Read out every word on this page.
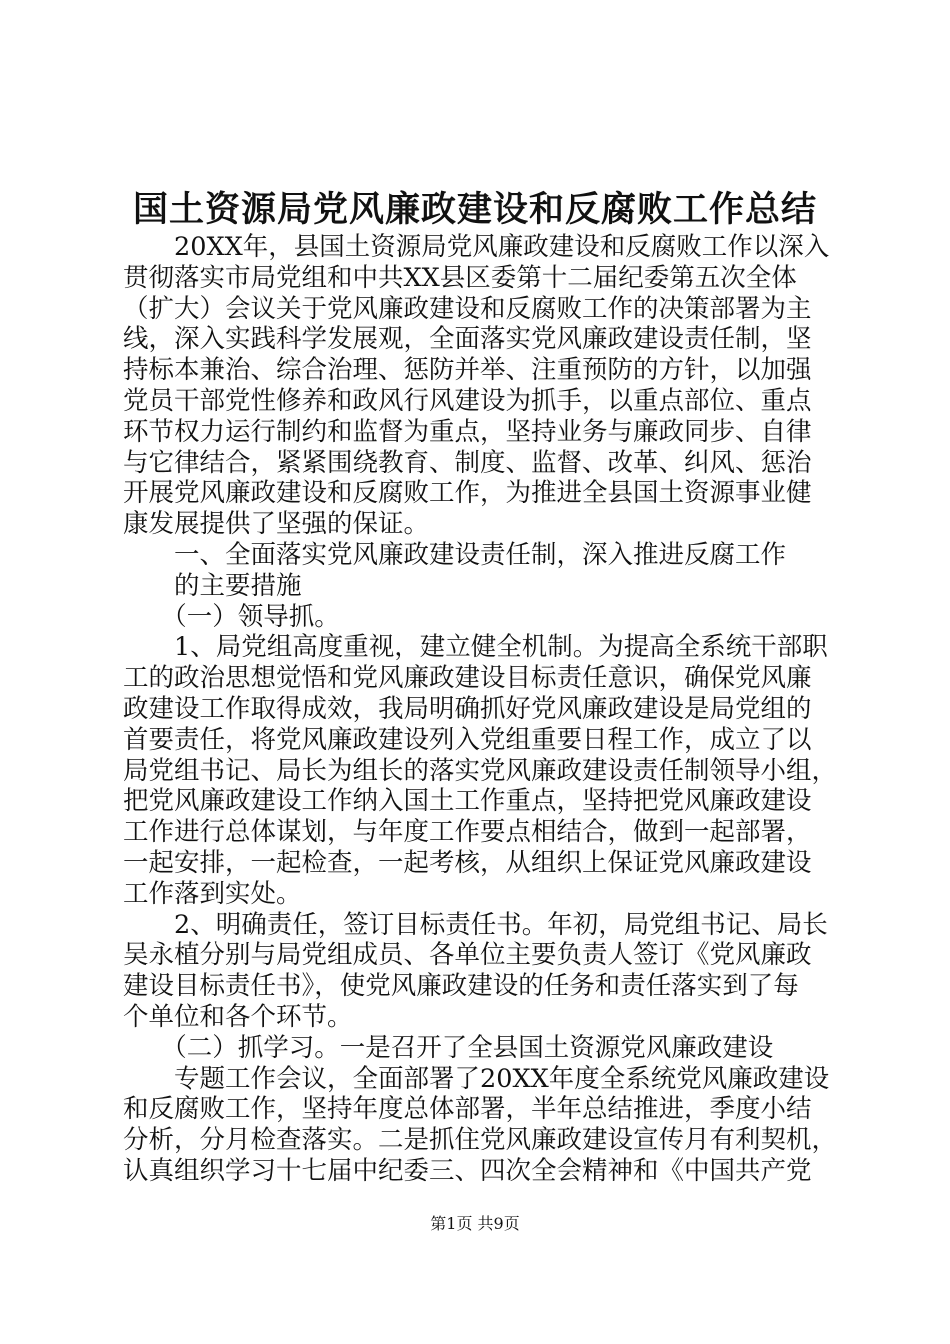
国土资源局党风廉政建设和反腐败工作总结
　　20XX年，县国土资源局党风廉政建设和反腐败工作以深入
贯彻落实市局党组和中共XX县区委第十二届纪委第五次全体
（扩大）会议关于党风廉政建设和反腐败工作的决策部署为主
线，深入实践科学发展观，全面落实党风廉政建设责任制，坚
持标本兼治、综合治理、惩防并举、注重预防的方针，以加强
党员干部党性修养和政风行风建设为抓手，以重点部位、重点
环节权力运行制约和监督为重点，坚持业务与廉政同步、自律
与它律结合，紧紧围绕教育、制度、监督、改革、纠风、惩治
开展党风廉政建设和反腐败工作，为推进全县国土资源事业健
康发展提供了坚强的保证。
　　一、全面落实党风廉政建设责任制，深入推进反腐工作
　　的主要措施
　　（一）领导抓。
　　1、局党组高度重视，建立健全机制。为提高全系统干部职
工的政治思想觉悟和党风廉政建设目标责任意识，确保党风廉
政建设工作取得成效，我局明确抓好党风廉政建设是局党组的
首要责任，将党风廉政建设列入党组重要日程工作，成立了以
局党组书记、局长为组长的落实党风廉政建设责任制领导小组，
把党风廉政建设工作纳入国土工作重点，坚持把党风廉政建设
工作进行总体谋划，与年度工作要点相结合，做到一起部署，
一起安排，一起检查，一起考核，从组织上保证党风廉政建设
工作落到实处。
　　2、明确责任，签订目标责任书。年初，局党组书记、局长
吴永植分别与局党组成员、各单位主要负责人签订《党风廉政
建设目标责任书》，使党风廉政建设的任务和责任落实到了每
个单位和各个环节。
　　（二）抓学习。一是召开了全县国土资源党风廉政建设
　　专题工作会议，全面部署了20XX年度全系统党风廉政建设
和反腐败工作，坚持年度总体部署，半年总结推进，季度小结
分析，分月检查落实。二是抓住党风廉政建设宣传月有利契机，
认真组织学习十七届中纪委三、四次全会精神和《中国共产党
第1页 共9页
